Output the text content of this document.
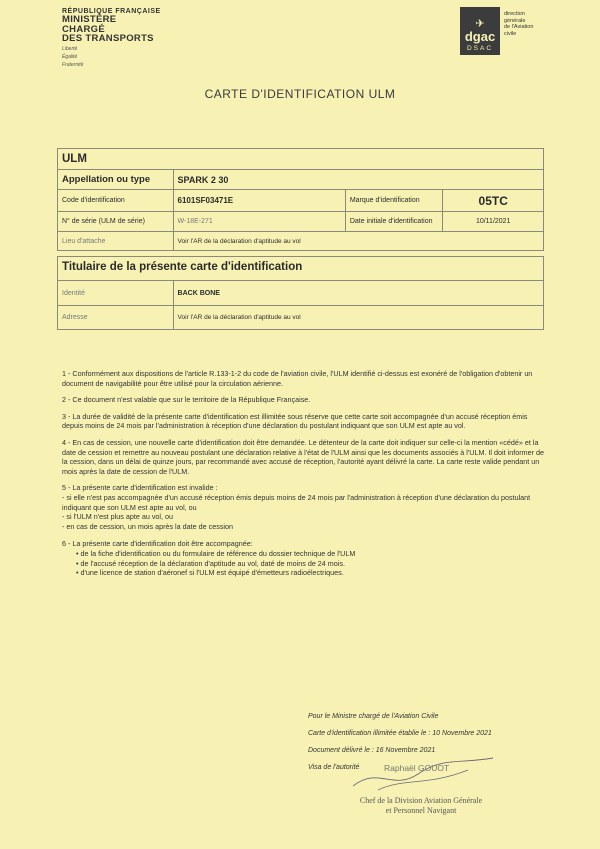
RÉPUBLIQUE FRANÇAISE
MINISTÈRE
CHARGÉ
DES TRANSPORTS
Liberté
Égalité
Fraternité
✈
dgac
DSAC
direction
générale
de l'Aviation
civile
CARTE D'IDENTIFICATION ULM
ULM
Appellation ou type	SPARK 2 30
Code d'identification	6101SF03471E	Marque d'identification	05TC
N° de série (ULM de série)	W-18E-271	Date initiale d'identification	10/11/2021
Lieu d'attache	Voir l'AR de la déclaration d'aptitude au vol
Titulaire de la présente carte d'identification
Identité	BACK BONE
Adresse	Voir l'AR de la déclaration d'aptitude au vol

1 - Conformément aux dispositions de l'article R.133-1-2 du code de l'aviation civile, l'ULM identifié ci-dessus est exonéré de l'obligation d'obtenir un document de navigabilité pour être utilisé pour la circulation aérienne.

2 - Ce document n'est valable que sur le territoire de la République Française.

3 - La durée de validité de la présente carte d'identification est illimitée sous réserve que cette carte soit accompagnée d'un accusé réception émis depuis moins de 24 mois par l'administration à réception d'une déclaration du postulant indiquant que son ULM est apte au vol.

4 - En cas de cession, une nouvelle carte d'identification doit être demandée. Le détenteur de la carte doit indiquer sur celle-ci la mention «cédé» et la date de cession et remettre au nouveau postulant une déclaration relative à l'état de l'ULM ainsi que les documents associés à l'ULM. Il doit informer de la cession, dans un délai de quinze jours, par recommandé avec accusé de réception, l'autorité ayant délivré la carte. La carte reste valide pendant un mois après la date de cession de l'ULM.

5 - La présente carte d'identification est invalide :
- si elle n'est pas accompagnée d'un accusé réception émis depuis moins de 24 mois par l'administration à réception d'une déclaration du postulant indiquant que son ULM est apte au vol, ou
- si l'ULM n'est plus apte au vol, ou
- en cas de cession, un mois après la date de cession
6 - La présente carte d'identification doit être accompagnée:
• de la fiche d'identification ou du formulaire de référence du dossier technique de l'ULM
• de l'accusé réception de la déclaration d'aptitude au vol, daté de moins de 24 mois.
• d'une licence de station d'aéronef si l'ULM est équipé d'émetteurs radioélectriques.
Pour le Ministre chargé de l'Aviation Civile
Carte d'identification illimitée établie le : 10 Novembre 2021
Document délivré le : 16 Novembre 2021
Visa de l'autorité	Raphaël GOUOT
Chef de la Division Aviation Générale
et Personnel Navigant
